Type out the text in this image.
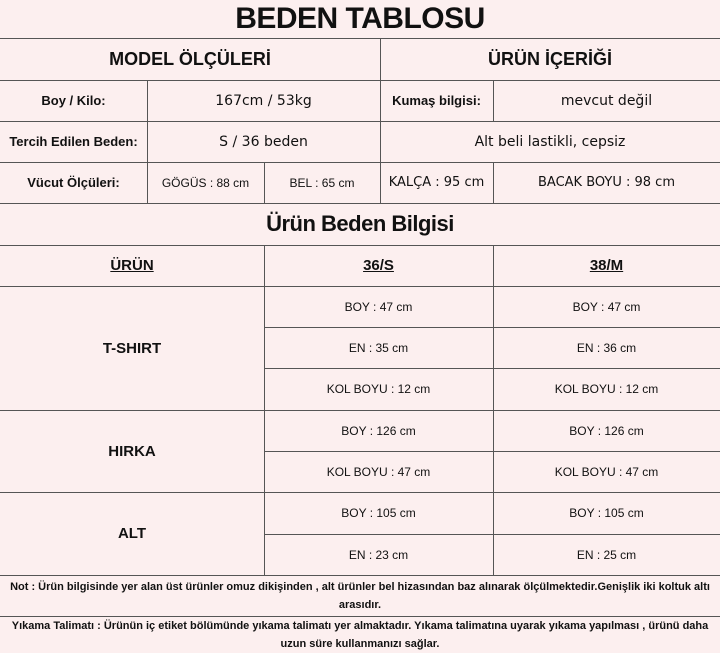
BEDEN TABLOSU
MODEL ÖLÇÜLERİ	ÜRÜN İÇERİĞİ
Boy / Kilo:	167cm / 53kg	Kumaş bilgisi:	mevcut değil
Tercih Edilen Beden:	S / 36 beden	Alt beli lastikli, cepsiz
Vücut Ölçüleri:	GÖGÜS : 88 cm	BEL : 65 cm	KALÇA : 95 cm	BACAK BOYU : 98 cm
Ürün Beden Bilgisi
ÜRÜN	36/S	38/M
T-SHIRT
BOY : 47 cm	BOY : 47 cm
EN : 35 cm	EN : 36 cm
KOL BOYU : 12 cm	KOL BOYU : 12 cm
HIRKA
BOY : 126 cm	BOY : 126 cm
KOL BOYU : 47 cm	KOL BOYU : 47 cm
ALT
BOY : 105 cm	BOY : 105 cm
EN : 23 cm	EN : 25 cm
Not : Ürün bilgisinde yer alan üst ürünler omuz dikişinden , alt ürünler bel hizasından baz alınarak ölçülmektedir.Genişlik iki koltuk altı arasıdır.
Yıkama Talimatı : Ürünün iç etiket bölümünde yıkama talimatı yer almaktadır. Yıkama talimatına uyarak yıkama yapılması , ürünü daha uzun süre kullanmanızı sağlar.
